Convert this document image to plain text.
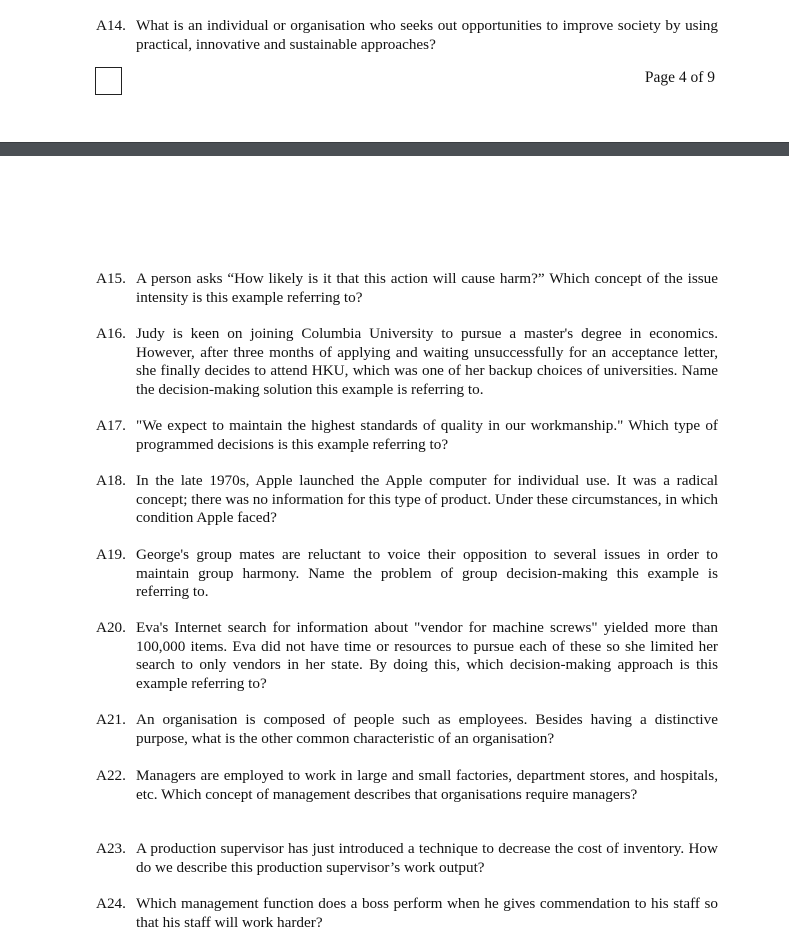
A14. What is an individual or organisation who seeks out opportunities to improve society by using practical, innovative and sustainable approaches?
Page 4 of 9
A15. A person asks “How likely is it that this action will cause harm?” Which concept of the issue intensity is this example referring to?
A16. Judy is keen on joining Columbia University to pursue a master's degree in economics. However, after three months of applying and waiting unsuccessfully for an acceptance letter, she finally decides to attend HKU, which was one of her backup choices of universities. Name the decision-making solution this example is referring to.
A17. "We expect to maintain the highest standards of quality in our workmanship." Which type of programmed decisions is this example referring to?
A18. In the late 1970s, Apple launched the Apple computer for individual use. It was a radical concept; there was no information for this type of product. Under these circumstances, in which condition Apple faced?
A19. George's group mates are reluctant to voice their opposition to several issues in order to maintain group harmony. Name the problem of group decision-making this example is referring to.
A20. Eva's Internet search for information about "vendor for machine screws" yielded more than 100,000 items. Eva did not have time or resources to pursue each of these so she limited her search to only vendors in her state. By doing this, which decision-making approach is this example referring to?
A21. An organisation is composed of people such as employees. Besides having a distinctive purpose, what is the other common characteristic of an organisation?
A22. Managers are employed to work in large and small factories, department stores, and hospitals, etc. Which concept of management describes that organisations require managers?
A23. A production supervisor has just introduced a technique to decrease the cost of inventory. How do we describe this production supervisor’s work output?
A24. Which management function does a boss perform when he gives commendation to his staff so that his staff will work harder?
